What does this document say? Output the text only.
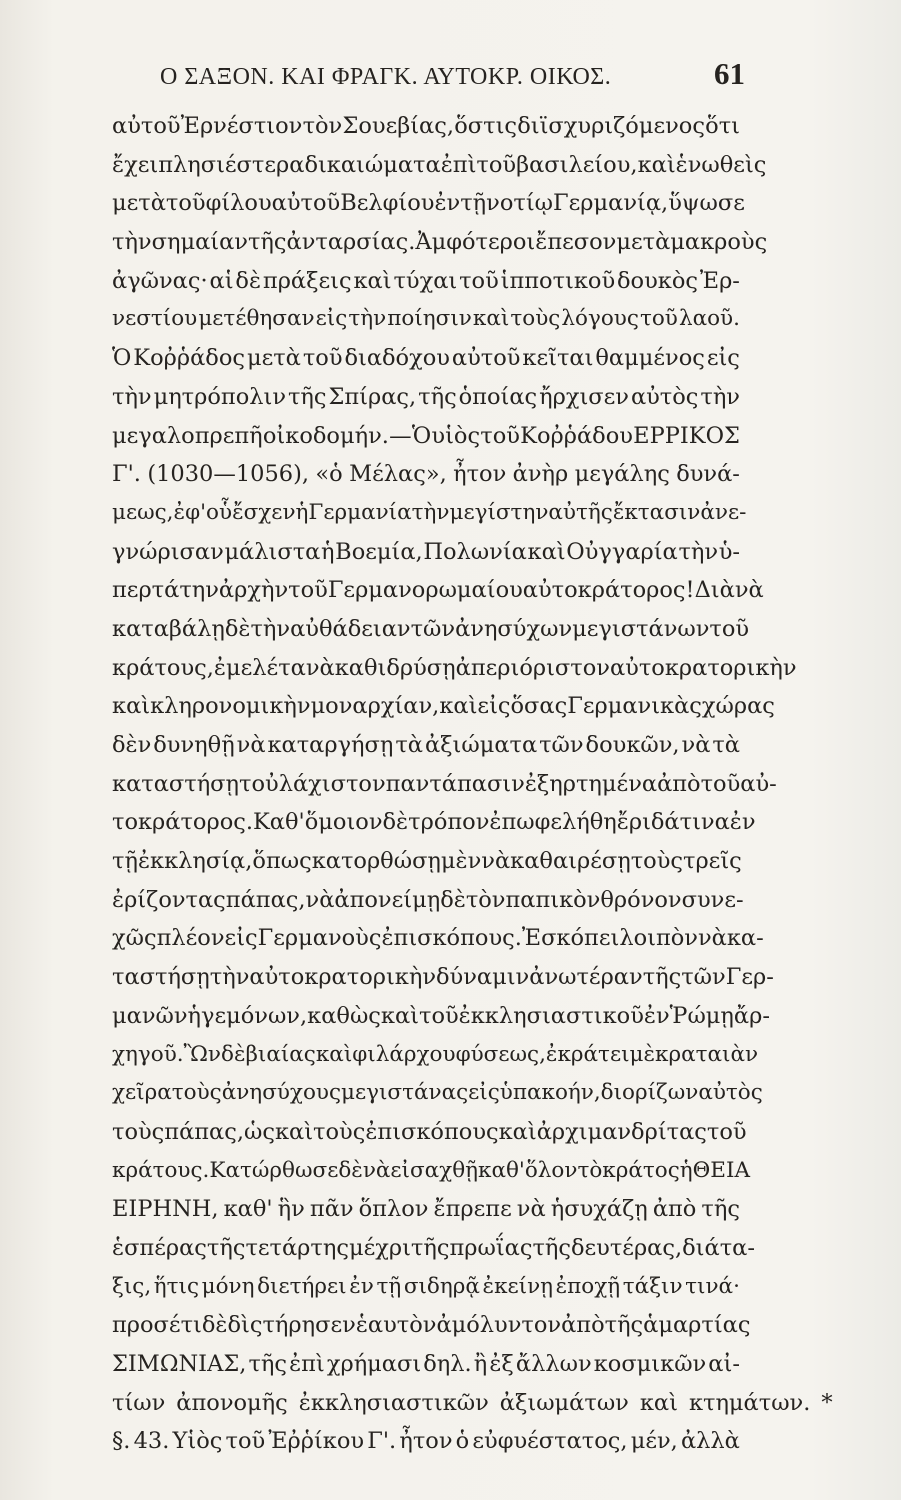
Ο ΣΑΞΟΝ. ΚΑΙ ΦΡΑΓΚ. ΑΥΤΟΚΡ. ΟΙΚΟΣ.	61
αὐτοῦ Ἐρνέστιον τὸν Σουεβίας, ὅστις διϊσχυριζόμενος ὅτι
ἔχει πλησιέστερα δικαιώματα ἐπὶ τοῦ βασιλείου, καὶ ἑνωθεὶς
μετὰ τοῦ φίλου αὐτοῦ Βελφίου ἐν τῇ νοτίῳ Γερμανίᾳ, ὕψωσε
τὴν σημαίαν τῆς ἀνταρσίας. Ἀμφότεροι ἔπεσον μετὰ μακροὺς
ἀγῶνας· αἱ δὲ πράξεις καὶ τύχαι τοῦ ἱπποτικοῦ δουκὸς Ἐρ-
νεστίου μετέθησαν εἰς τὴν ποίησιν καὶ τοὺς λόγους τοῦ λαοῦ.
Ὁ Κοῤῥάδος μετὰ τοῦ διαδόχου αὐτοῦ κεῖται θαμμένος εἰς
τὴν μητρόπολιν τῆς Σπίρας, τῆς ὁποίας ἤρχισεν αὐτὸς τὴν
μεγαλοπρεπῆ οἰκοδομήν. — Ὁ υἱὸς τοῦ Κοῤῥάδου ΕΡΡΙΚΟΣ
Γ'. (1030—1056), «ὁ Μέλας», ἦτον ἀνὴρ μεγάλης δυνά-
μεως, ἐφ' οὗ ἔσχεν ἡ Γερμανία τὴν μεγίστην αὐτῆς ἔκτασιν ἀνε-
γνώρισαν μάλιστα ἡ Βοεμία, Πολωνία καὶ Οὐγγαρία τὴν ὑ-
περτάτην ἀρχὴν τοῦ Γερμανορωμαίου αὐτοκράτορος! Διὰ νὰ
καταβάλῃ δὲ τὴν αὐθάδειαν τῶν ἀνησύχων μεγιστάνων τοῦ
κράτους, ἐμελέτα νὰ καθιδρύσῃ ἀπεριόριστον αὐτοκρατορικὴν
καὶ κληρονομικὴν μοναρχίαν, καὶ εἰς ὅσας Γερμανικὰς χώρας
δὲν δυνηθῇ νὰ καταργήσῃ τὰ ἀξιώματα τῶν δουκῶν, νὰ τὰ
καταστήσῃ τοὐλάχιστον παντάπασιν ἐξηρτημένα ἀπὸ τοῦ αὐ-
τοκράτορος. Καθ' ὅμοιον δὲ τρόπον ἐπωφελήθη ἔριδά τινα ἐν
τῇ ἐκκλησίᾳ, ὅπως κατορθώσῃ μὲν νὰ καθαιρέσῃ τοὺς τρεῖς
ἐρίζοντας πάπας, νὰ ἀπονείμῃ δὲ τὸν παπικὸν θρόνον συνε-
χῶς πλέον εἰς Γερμανοὺς ἐπισκόπους. Ἐσκόπει λοιπὸν νὰ κα-
ταστήσῃ τὴν αὐτοκρατορικὴν δύναμιν ἀνωτέραν τῆς τῶν Γερ-
μανῶν ἡγεμόνων, καθὼς καὶ τοῦ ἐκκλησιαστικοῦ ἐν Ῥώμῃ ἄρ-
χηγοῦ. Ὢν δὲ βιαίας καὶ φιλάρχου φύσεως, ἐκράτει μὲ κραταιὰν
χεῖρα τοὺς ἀνησύχους μεγιστάνας εἰς ὑπακοήν, διορίζων αὐτὸς
τοὺς πάπας, ὡς καὶ τοὺς ἐπισκόπους καὶ ἀρχιμανδρίτας τοῦ
κράτους. Κατώρθωσε δὲ νὰ εἰσαχθῇ καθ' ὅλον τὸ κράτος ἡ ΘΕΙΑ
ΕΙΡΗΝΗ, καθ' ἣν πᾶν ὅπλον ἔπρεπε νὰ ἡσυχάζῃ ἀπὸ τῆς
ἑσπέρας τῆς τετάρτης μέχρι τῆς πρωΐας τῆς δευτέρας, διάτα-
ξις, ἥτις μόνη διετήρει ἐν τῇ σιδηρᾷ ἐκείνῃ ἐποχῇ τάξιν τινά·
προσέτι δὲ δὶς τήρησεν ἑαυτὸν ἀμόλυντον ἀπὸ τῆς ἁμαρτίας
ΣΙΜΩΝΙΑΣ, τῆς ἐπὶ χρήμασι δηλ. ἢ ἐξ ἄλλων κοσμικῶν αἰ-
τίων ἀπονομῆς ἐκκλησιαστικῶν ἀξιωμάτων καὶ κτημάτων. *
§. 43. Υἱὸς τοῦ Ἐῤῥίκου Γ'. ἦτον ὁ εὐφυέστατος, μέν, ἀλλὰ
